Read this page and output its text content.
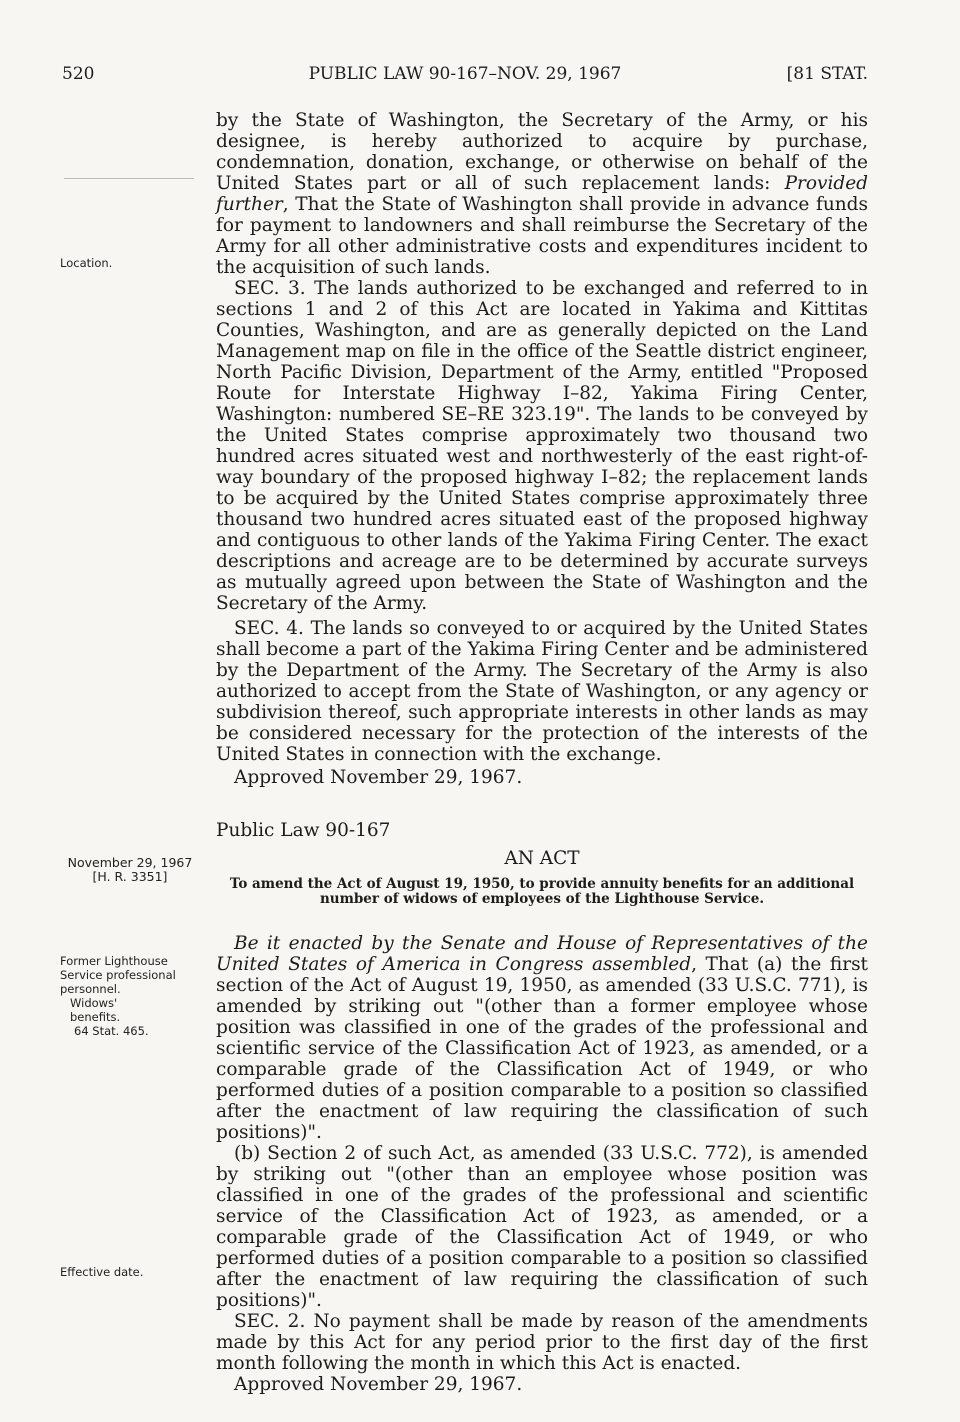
520	PUBLIC LAW 90-167–NOV. 29, 1967	[81 STAT.

by the State of Washington, the Secretary of the Army, or his designee, is hereby authorized to acquire by purchase, condemnation, donation, exchange, or otherwise on behalf of the United States part or all of such replacement lands: Provided further, That the State of Washington shall provide in advance funds for payment to landowners and shall reimburse the Secretary of the Army for all other administrative costs and expenditures incident to the acquisition of such lands.

SEC. 3. The lands authorized to be exchanged and referred to in sections 1 and 2 of this Act are located in Yakima and Kittitas Counties, Washington, and are as generally depicted on the Land Management map on file in the office of the Seattle district engineer, North Pacific Division, Department of the Army, entitled "Proposed Route for Interstate Highway I–82, Yakima Firing Center, Washington: numbered SE–RE 323.19". The lands to be conveyed by the United States comprise approximately two thousand two hundred acres situated west and northwesterly of the east right-of-way boundary of the proposed highway I–82; the replacement lands to be acquired by the United States comprise approximately three thousand two hundred acres situated east of the proposed highway and contiguous to other lands of the Yakima Firing Center. The exact descriptions and acreage are to be determined by accurate surveys as mutually agreed upon between the State of Washington and the Secretary of the Army.

SEC. 4. The lands so conveyed to or acquired by the United States shall become a part of the Yakima Firing Center and be administered by the Department of the Army. The Secretary of the Army is also authorized to accept from the State of Washington, or any agency or subdivision thereof, such appropriate interests in other lands as may be considered necessary for the protection of the interests of the United States in connection with the exchange.

Approved November 29, 1967.

Location.
Public Law 90-167
November 29, 1967
[H. R. 3351]

AN ACT

To amend the Act of August 19, 1950, to provide annuity benefits for an additional number of widows of employees of the Lighthouse Service.

Former Lighthouse Service professional personnel.
Widows' benefits.
64 Stat. 465.

Be it enacted by the Senate and House of Representatives of the United States of America in Congress assembled, That (a) the first section of the Act of August 19, 1950, as amended (33 U.S.C. 771), is amended by striking out "(other than a former employee whose position was classified in one of the grades of the professional and scientific service of the Classification Act of 1923, as amended, or a comparable grade of the Classification Act of 1949, or who performed duties of a position comparable to a position so classified after the enactment of law requiring the classification of such positions)".

(b) Section 2 of such Act, as amended (33 U.S.C. 772), is amended by striking out "(other than an employee whose position was classified in one of the grades of the professional and scientific service of the Classification Act of 1923, as amended, or a comparable grade of the Classification Act of 1949, or who performed duties of a position comparable to a position so classified after the enactment of law requiring the classification of such positions)".

SEC. 2. No payment shall be made by reason of the amendments made by this Act for any period prior to the first day of the first month following the month in which this Act is enacted.

Approved November 29, 1967.

Effective date.
